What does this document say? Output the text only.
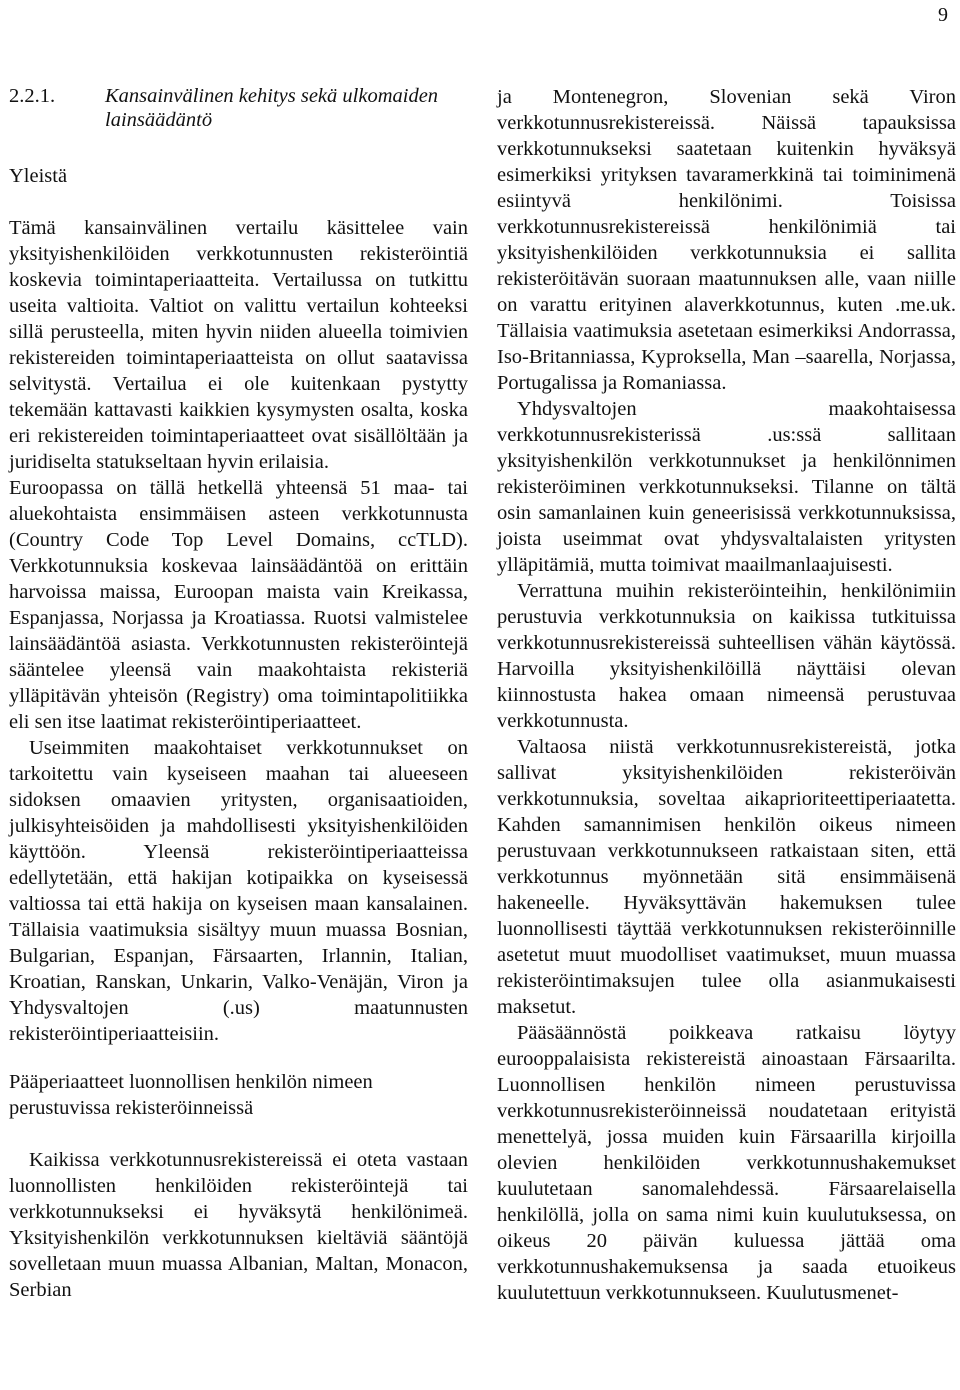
9
2.2.1. Kansainvälinen kehitys sekä ulkomaiden lainsäädäntö
Yleistä

Tämä kansainvälinen vertailu käsittelee vain yksityishenkilöiden verkkotunnusten rekisteröintiä koskevia toimintaperiaatteita. Vertailussa on tutkittu useita valtioita. Valtiot on valittu vertailun kohteeksi sillä perusteella, miten hyvin niiden alueella toimivien rekistereiden toimintaperiaatteista on ollut saatavissa selvitystä. Vertailua ei ole kuitenkaan pystytty tekemään kattavasti kaikkien kysymysten osalta, koska eri rekistereiden toimintaperiaatteet ovat sisällöltään ja juridiselta statukseltaan hyvin erilaisia.

Euroopassa on tällä hetkellä yhteensä 51 maa- tai aluekohtaista ensimmäisen asteen verkkotunnusta (Country Code Top Level Domains, ccTLD). Verkkotunnuksia koskevaa lainsäädäntöä on erittäin harvoissa maissa, Euroopan maista vain Kreikassa, Espanjassa, Norjassa ja Kroatiassa. Ruotsi valmistelee lainsäädäntöä asiasta. Verkkotunnusten rekisteröintejä sääntelee yleensä vain maakohtaista rekisteriä ylläpitävän yhteisön (Registry) oma toimintapolitiikka eli sen itse laatimat rekisteröintiperiaatteet.

Useimmiten maakohtaiset verkkotunnukset on tarkoitettu vain kyseiseen maahan tai alueeseen sidoksen omaavien yritysten, organisaatioiden, julkisyhteisöiden ja mahdollisesti yksityishenkilöiden käyttöön. Yleensä rekisteröintiperiaatteissa edellytetään, että hakijan kotipaikka on kyseisessä valtiossa tai että hakija on kyseisen maan kansalainen. Tällaisia vaatimuksia sisältyy muun muassa Bosnian, Bulgarian, Espanjan, Färsaarten, Irlannin, Italian, Kroatian, Ranskan, Unkarin, Valko-Venäjän, Viron ja Yhdysvaltojen (.us) maatunnusten rekisteröintiperiaatteisiin.

Pääperiaatteet luonnollisen henkilön nimeen perustuvissa rekisteröinneissä

Kaikissa verkkotunnusrekistereissä ei oteta vastaan luonnollisten henkilöiden rekisteröintejä tai verkkotunnukseksi ei hyväksytä henkilönimeä. Yksityishenkilön verkkotunnuksen kieltäviä sääntöjä sovelletaan muun muassa Albanian, Maltan, Monacon, Serbian

ja Montenegron, Slovenian sekä Viron verkkotunnusrekistereissä. Näissä tapauksissa verkkotunnukseksi saatetaan kuitenkin hyväksyä esimerkiksi yrityksen tavaramerkkinä tai toiminimenä esiintyvä henkilönimi. Toisissa verkkotunnusrekistereissä henkilönimiä tai yksityishenkilöiden verkkotunnuksia ei sallita rekisteröitävän suoraan maatunnuksen alle, vaan niille on varattu erityinen alaverkkotunnus, kuten .me.uk. Tällaisia vaatimuksia asetetaan esimerkiksi Andorrassa, Iso-Britanniassa, Kyproksella, Man –saarella, Norjassa, Portugalissa ja Romaniassa.

Yhdysvaltojen maakohtaisessa verkkotunnusrekisterissä .us:ssä sallitaan yksityishenkilön verkkotunnukset ja henkilönnimen rekisteröiminen verkkotunnukseksi. Tilanne on tältä osin samanlainen kuin geneerisissä verkkotunnuksissa, joista useimmat ovat yhdysvaltalaisten yritysten ylläpitämiä, mutta toimivat maailmanlaajuisesti.

Verrattuna muihin rekisteröinteihin, henkilönimiin perustuvia verkkotunnuksia on kaikissa tutkituissa verkkotunnusrekistereissä suhteellisen vähän käytössä. Harvoilla yksityishenkilöillä näyttäisi olevan kiinnostusta hakea omaan nimeensä perustuvaa verkkotunnusta.

Valtaosa niistä verkkotunnusrekistereistä, jotka sallivat yksityishenkilöiden rekisteröivän verkkotunnuksia, soveltaa aikaprioriteettiperiaatetta. Kahden samannimisen henkilön oikeus nimeen perustuvaan verkkotunnukseen ratkaistaan siten, että verkkotunnus myönnetään sitä ensimmäisenä hakeneelle. Hyväksyttävän hakemuksen tulee luonnollisesti täyttää verkkotunnuksen rekisteröinnille asetetut muut muodolliset vaatimukset, muun muassa rekisteröintimaksujen tulee olla asianmukaisesti maksetut.

Pääsäännöstä poikkeava ratkaisu löytyy eurooppalaisista rekistereistä ainoastaan Färsaarilta. Luonnollisen henkilön nimeen perustuvissa verkkotunnusrekisteröinneissä noudatetaan erityistä menettelyä, jossa muiden kuin Färsaarilla kirjoilla olevien henkilöiden verkkotunnushakemukset kuulutetaan sanomalehdessä. Färsaarelaisella henkilöllä, jolla on sama nimi kuin kuulutuksessa, on oikeus 20 päivän kuluessa jättää oma verkkotunnushakemuksensa ja saada etuoikeus kuulutettuun verkkotunnukseen. Kuulutusmenet-
